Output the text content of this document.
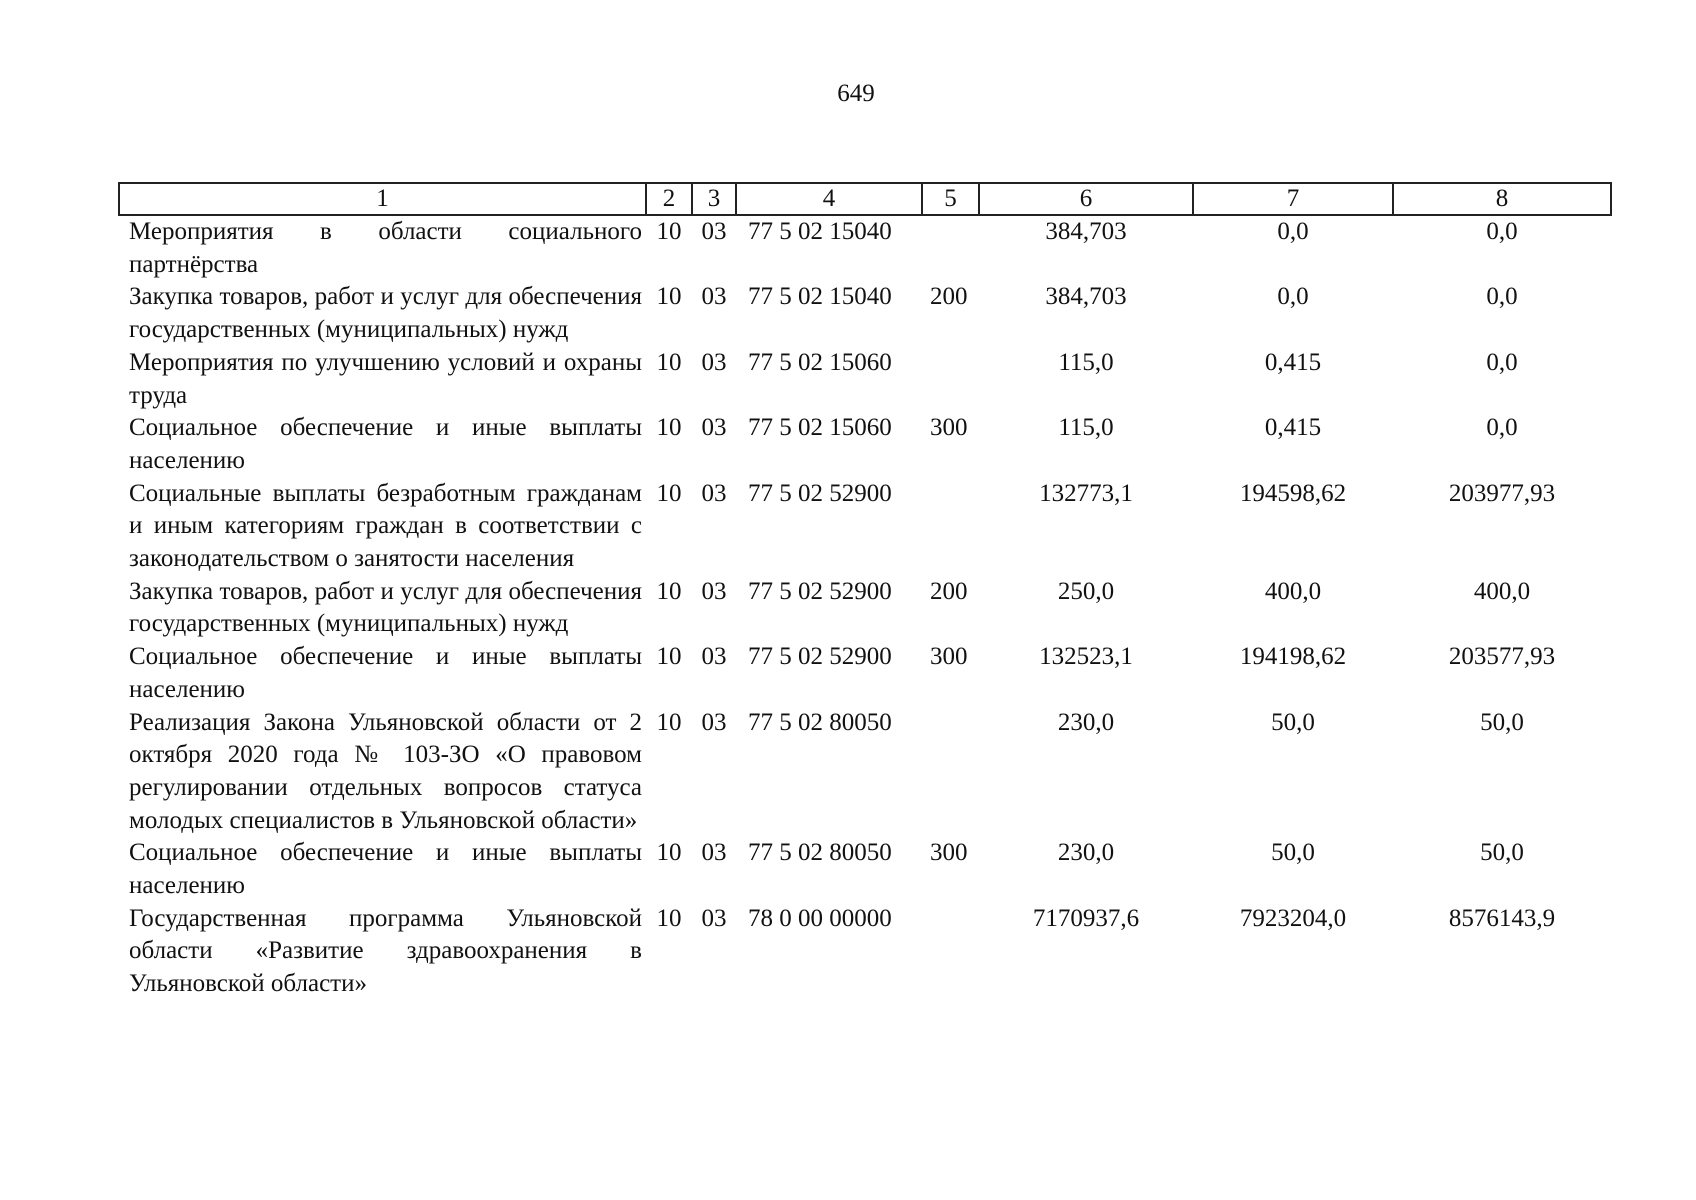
649
1	2	3	4	5	6	7	8
Мероприятия в области социального партнёрства	10	03	77 5 02 15040		384,703	0,0	0,0
Закупка товаров, работ и услуг для обеспечения государственных (муниципальных) нужд	10	03	77 5 02 15040	200	384,703	0,0	0,0
Мероприятия по улучшению условий и охраны труда	10	03	77 5 02 15060		115,0	0,415	0,0
Социальное обеспечение и иные выплаты населению	10	03	77 5 02 15060	300	115,0	0,415	0,0
Социальные выплаты безработным гражданам и иным категориям граждан в соответствии с законодательством о занятости населения	10	03	77 5 02 52900		132773,1	194598,62	203977,93
Закупка товаров, работ и услуг для обеспечения государственных (муниципальных) нужд	10	03	77 5 02 52900	200	250,0	400,0	400,0
Социальное обеспечение и иные выплаты населению	10	03	77 5 02 52900	300	132523,1	194198,62	203577,93
Реализация Закона Ульяновской области от 2 октября 2020 года № 103-ЗО «О правовом регулировании отдельных вопросов статуса молодых специалистов в Ульяновской области»	10	03	77 5 02 80050		230,0	50,0	50,0
Социальное обеспечение и иные выплаты населению	10	03	77 5 02 80050	300	230,0	50,0	50,0
Государственная программа Ульяновской области «Развитие здравоохранения в Ульяновской области»	10	03	78 0 00 00000		7170937,6	7923204,0	8576143,9
